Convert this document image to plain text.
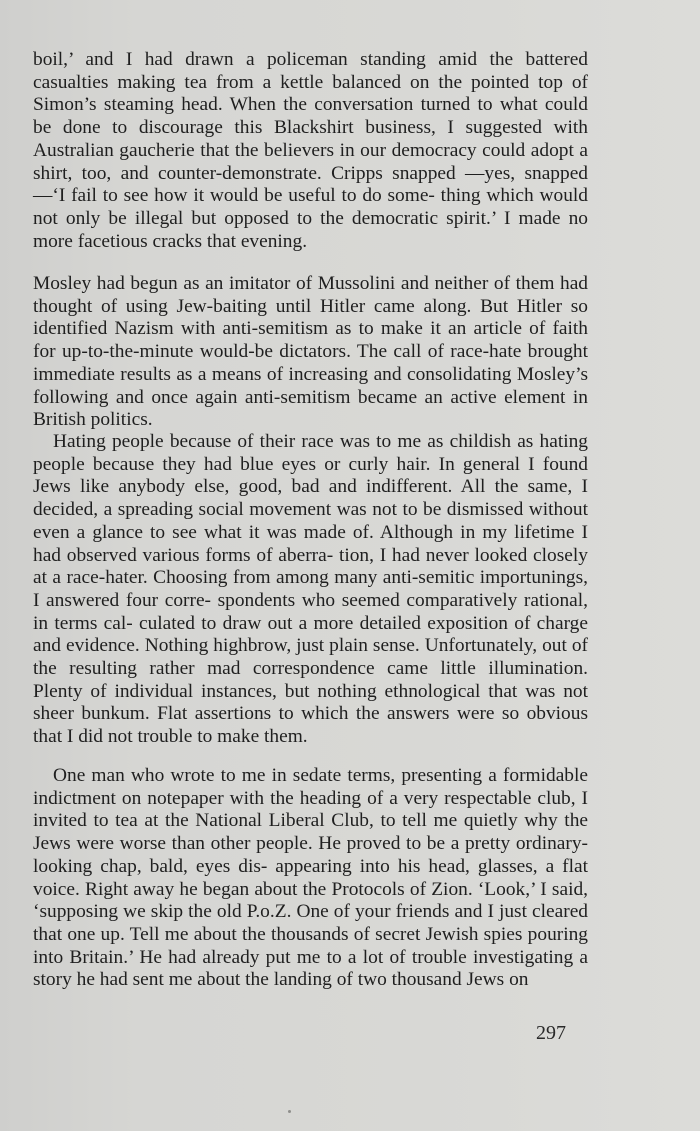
boil,’ and I had drawn a policeman standing amid the battered casualties making tea from a kettle balanced on the pointed top of Simon’s steaming head. When the conversation turned to what could be done to discourage this Blackshirt business, I suggested with Australian gaucherie that the believers in our democracy could adopt a shirt, too, and counter-demonstrate. Cripps snapped —yes, snapped—‘I fail to see how it would be useful to do some- thing which would not only be illegal but opposed to the democratic spirit.’ I made no more facetious cracks that evening.
Mosley had begun as an imitator of Mussolini and neither of them had thought of using Jew-baiting until Hitler came along. But Hitler so identified Nazism with anti-semitism as to make it an article of faith for up-to-the-minute would-be dictators. The call of race-hate brought immediate results as a means of increasing and consolidating Mosley’s following and once again anti-semitism became an active element in British politics.
Hating people because of their race was to me as childish as hating people because they had blue eyes or curly hair. In general I found Jews like anybody else, good, bad and indifferent. All the same, I decided, a spreading social movement was not to be dismissed without even a glance to see what it was made of. Although in my lifetime I had observed various forms of aberra- tion, I had never looked closely at a race-hater. Choosing from among many anti-semitic importunings, I answered four corre- spondents who seemed comparatively rational, in terms cal- culated to draw out a more detailed exposition of charge and evidence. Nothing highbrow, just plain sense. Unfortunately, out of the resulting rather mad correspondence came little illumination. Plenty of individual instances, but nothing ethnological that was not sheer bunkum. Flat assertions to which the answers were so obvious that I did not trouble to make them.
One man who wrote to me in sedate terms, presenting a formidable indictment on notepaper with the heading of a very respectable club, I invited to tea at the National Liberal Club, to tell me quietly why the Jews were worse than other people. He proved to be a pretty ordinary-looking chap, bald, eyes dis- appearing into his head, glasses, a flat voice. Right away he began about the Protocols of Zion. ‘Look,’ I said, ‘supposing we skip the old P.o.Z. One of your friends and I just cleared that one up. Tell me about the thousands of secret Jewish spies pouring into Britain.’ He had already put me to a lot of trouble investigating a story he had sent me about the landing of two thousand Jews on
297
